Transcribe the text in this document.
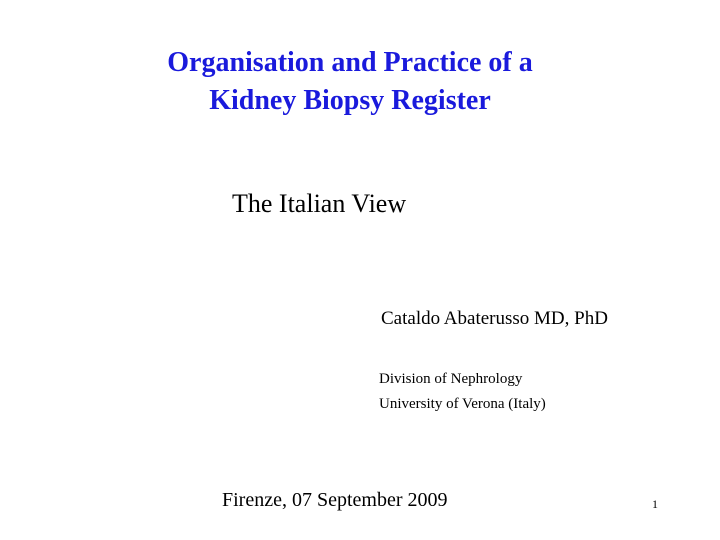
Organisation and Practice of a
Kidney Biopsy Register
The Italian View
Cataldo Abaterusso MD, PhD
Division of Nephrology
University of Verona (Italy)
Firenze, 07 September 2009	1
